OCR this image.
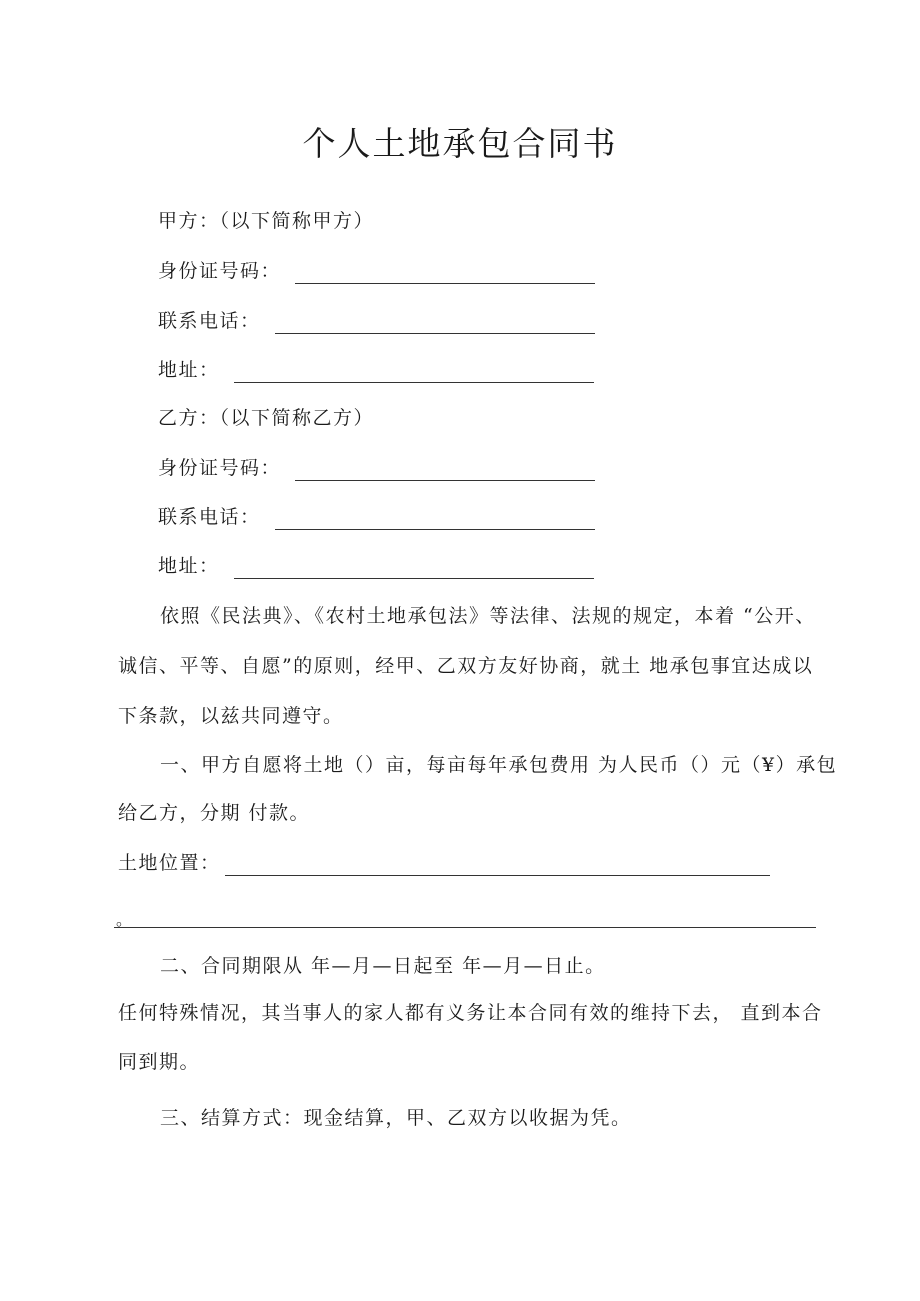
个人土地承包合同书
甲方：（以下简称甲方）
身份证号码：
联系电话：
地址：
乙方：（以下简称乙方）
身份证号码：
联系电话：
地址：
依照《民法典》、《农村土地承包法》等法律、法规的规定，本着 “公开、
诚信、平等、自愿”的原则，经甲、乙双方友好协商，就土 地承包事宜达成以
下条款，以兹共同遵守。
一、甲方自愿将土地（）亩，每亩每年承包费用 为人民币（）元（¥）承包
给乙方，分期 付款。
土地位置：
。
二、合同期限从 年—月—日起至 年—月—日止。
任何特殊情况，其当事人的家人都有义务让本合同有效的维持下去， 直到本合
同到期。
三、结算方式：现金结算，甲、乙双方以收据为凭。
